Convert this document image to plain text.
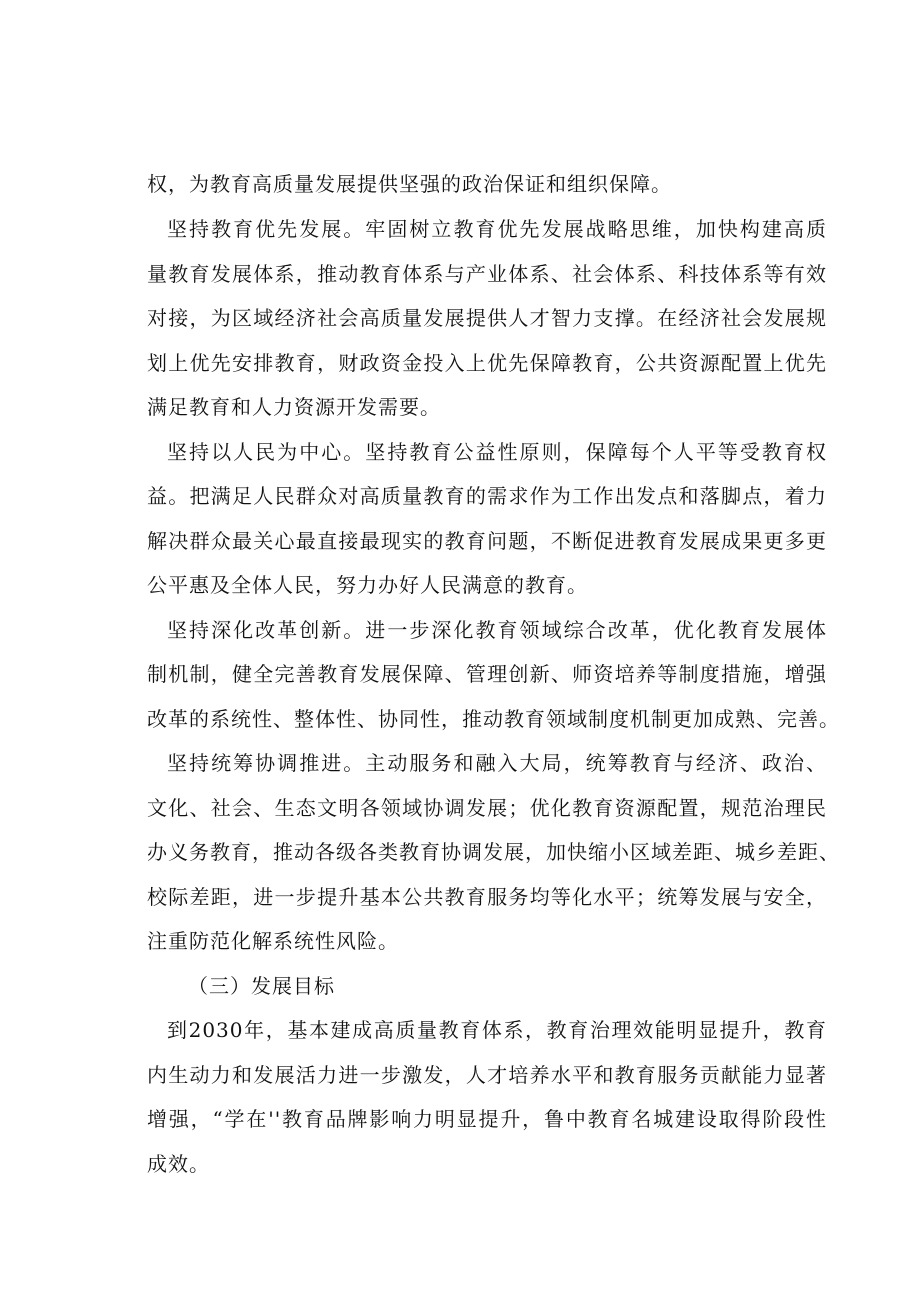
权，为教育高质量发展提供坚强的政治保证和组织保障。
坚持教育优先发展。牢固树立教育优先发展战略思维，加快构建高质
量教育发展体系，推动教育体系与产业体系、社会体系、科技体系等有效
对接，为区域经济社会高质量发展提供人才智力支撑。在经济社会发展规
划上优先安排教育，财政资金投入上优先保障教育，公共资源配置上优先
满足教育和人力资源开发需要。
坚持以人民为中心。坚持教育公益性原则，保障每个人平等受教育权
益。把满足人民群众对高质量教育的需求作为工作出发点和落脚点，着力
解决群众最关心最直接最现实的教育问题，不断促进教育发展成果更多更
公平惠及全体人民，努力办好人民满意的教育。
坚持深化改革创新。进一步深化教育领域综合改革，优化教育发展体
制机制，健全完善教育发展保障、管理创新、师资培养等制度措施，增强
改革的系统性、整体性、协同性，推动教育领域制度机制更加成熟、完善。
坚持统筹协调推进。主动服务和融入大局，统筹教育与经济、政治、
文化、社会、生态文明各领域协调发展；优化教育资源配置，规范治理民
办义务教育，推动各级各类教育协调发展，加快缩小区域差距、城乡差距、
校际差距，进一步提升基本公共教育服务均等化水平；统筹发展与安全，
注重防范化解系统性风险。
（三）发展目标
到2030年，基本建成高质量教育体系，教育治理效能明显提升，教育
内生动力和发展活力进一步激发，人才培养水平和教育服务贡献能力显著
增强，“学在''教育品牌影响力明显提升，鲁中教育名城建设取得阶段性
成效。
